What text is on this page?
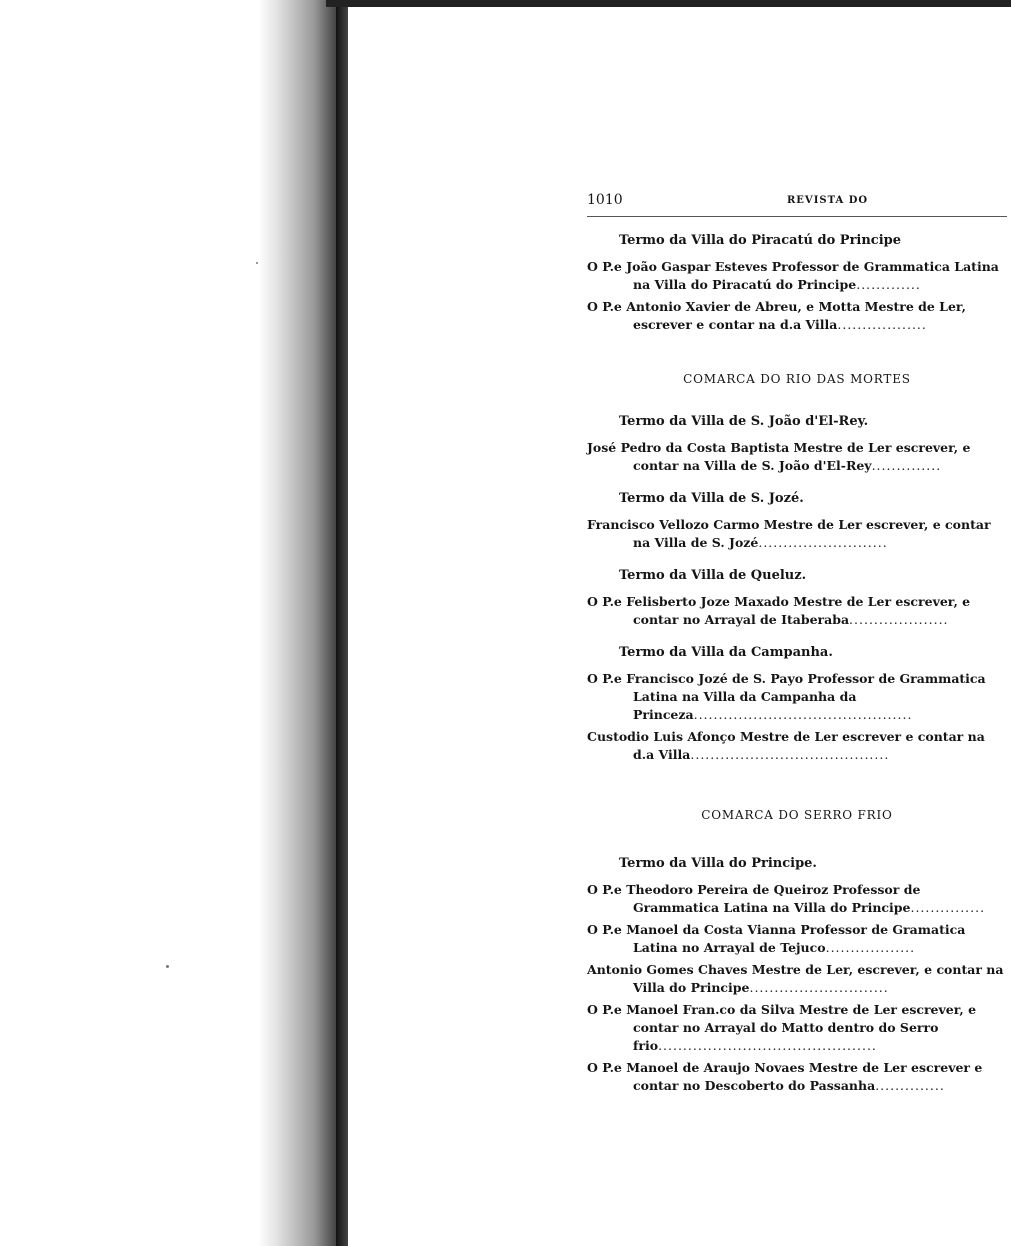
1010	REVISTA DO
Termo da Villa do Piracatú do Principe
O P.e João Gaspar Esteves Professor de Grammatica Latina na Villa do Piracatú do Principe.............
O P.e Antonio Xavier de Abreu, e Motta Mestre de Ler, escrever e contar na d.a Villa..................
COMARCA DO RIO DAS MORTES
Termo da Villa de S. João d'El-Rey.
José Pedro da Costa Baptista Mestre de Ler escrever, e contar na Villa de S. João d'El-Rey..............
Termo da Villa de S. Jozé.
Francisco Vellozo Carmo Mestre de Ler escrever, e contar na Villa de S. Jozé..........................
Termo da Villa de Queluz.
O P.e Felisberto Joze Maxado Mestre de Ler escrever, e contar no Arrayal de Itaberaba....................
Termo da Villa da Campanha.
O P.e Francisco Jozé de S. Payo Professor de Grammatica Latina na Villa da Campanha da Princeza............................................
Custodio Luis Afonço Mestre de Ler escrever e contar na d.a Villa........................................
COMARCA DO SERRO FRIO
Termo da Villa do Principe.
O P.e Theodoro Pereira de Queiroz Professor de Grammatica Latina na Villa do Principe...............
O P.e Manoel da Costa Vianna Professor de Gramatica Latina no Arrayal de Tejuco..................
Antonio Gomes Chaves Mestre de Ler, escrever, e contar na Villa do Principe............................
O P.e Manoel Fran.co da Silva Mestre de Ler escrever, e contar no Arrayal do Matto dentro do Serro frio............................................
O P.e Manoel de Araujo Novaes Mestre de Ler escrever e contar no Descoberto do Passanha..............
